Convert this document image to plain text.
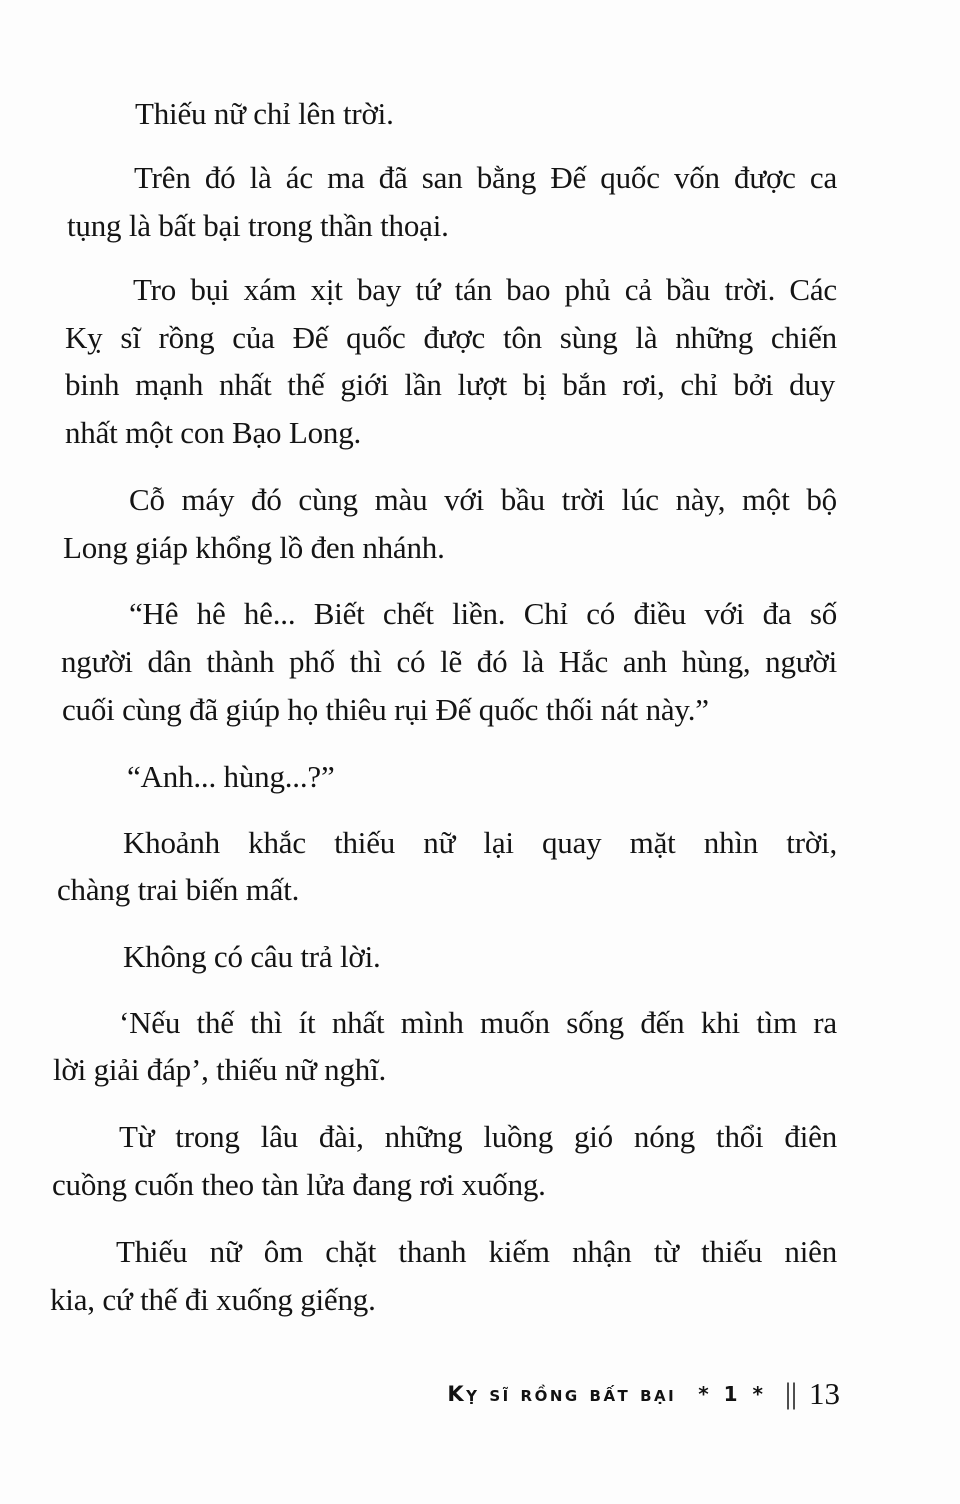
Thiếu nữ chỉ lên trời.
Trên đó là ác ma đã san bằng Đế quốc vốn được ca
tụng là bất bại trong thần thoại.
Tro bụi xám xịt bay tứ tán bao phủ cả bầu trời. Các
Kỵ sĩ rồng của Đế quốc được tôn sùng là những chiến
binh mạnh nhất thế giới lần lượt bị bắn rơi, chỉ bởi duy
nhất một con Bạo Long.
Cỗ máy đó cùng màu với bầu trời lúc này, một bộ
Long giáp khổng lồ đen nhánh.
“Hê hê hê... Biết chết liền. Chỉ có điều với đa số
người dân thành phố thì có lẽ đó là Hắc anh hùng, người
cuối cùng đã giúp họ thiêu rụi Đế quốc thối nát này.”
“Anh... hùng...?”
Khoảnh khắc thiếu nữ lại quay mặt nhìn trời,
chàng trai biến mất.
Không có câu trả lời.
‘Nếu thế thì ít nhất mình muốn sống đến khi tìm ra
lời giải đáp’, thiếu nữ nghĩ.
Từ trong lâu đài, những luồng gió nóng thổi điên
cuồng cuốn theo tàn lửa đang rơi xuống.
Thiếu nữ ôm chặt thanh kiếm nhận từ thiếu niên
kia, cứ thế đi xuống giếng.
Kỵ sĩ rồng bất bại * 1 * || 13
